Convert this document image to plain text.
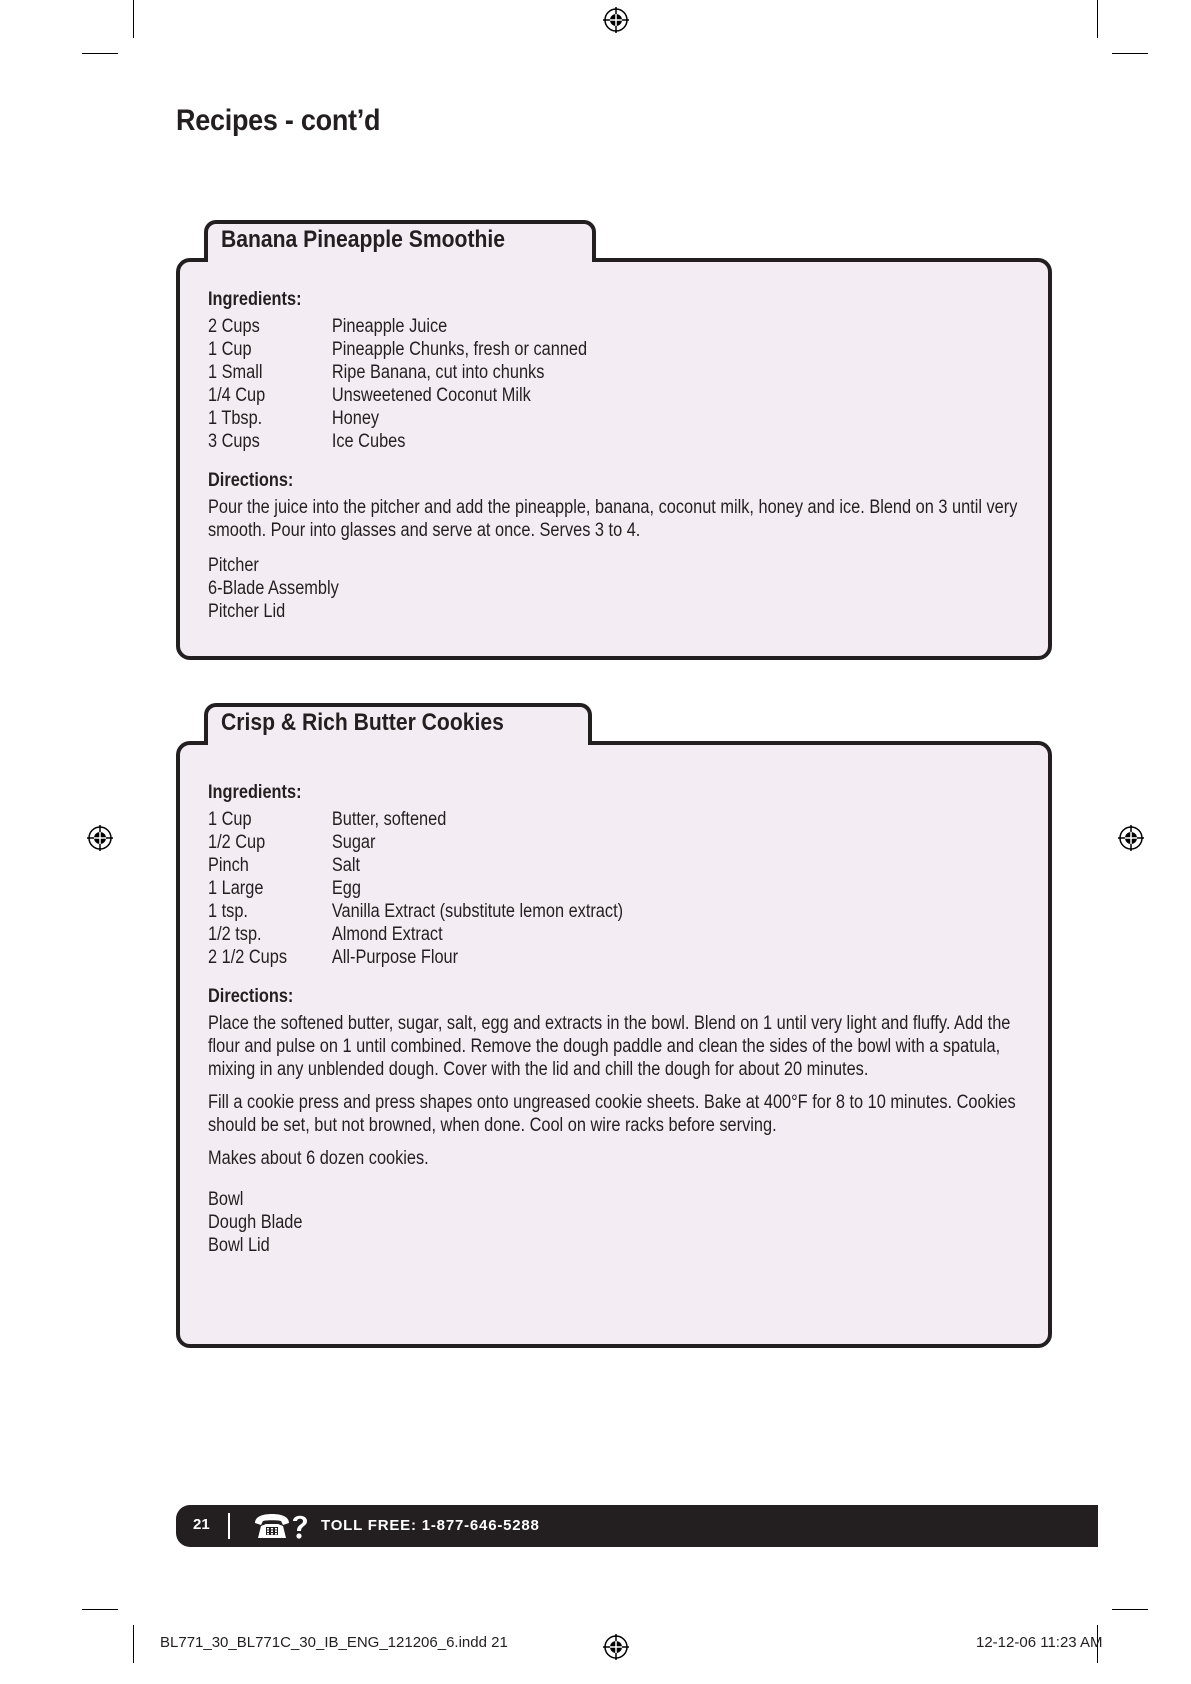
Recipes - cont’d
Ingredients:
2 Cups	Pineapple Juice
1 Cup	Pineapple Chunks, fresh or canned
1 Small	Ripe Banana, cut into chunks
1/4 Cup	Unsweetened Coconut Milk
1 Tbsp.	Honey
3 Cups	Ice Cubes
Directions:

Pour the juice into the pitcher and add the pineapple, banana, coconut milk, honey and ice. Blend on 3 until very smooth. Pour into glasses and serve at once. Serves 3 to 4.

Pitcher
6-Blade Assembly
Pitcher Lid
Banana Pineapple Smoothie
Ingredients:
1 Cup	Butter, softened
1/2 Cup	Sugar
Pinch	Salt
1 Large	Egg
1 tsp.	Vanilla Extract (substitute lemon extract)
1/2 tsp.	Almond Extract
2 1/2 Cups	All-Purpose Flour
Directions:

Place the softened butter, sugar, salt, egg and extracts in the bowl. Blend on 1 until very light and fluffy. Add the flour and pulse on 1 until combined. Remove the dough paddle and clean the sides of the bowl with a spatula, mixing in any unblended dough. Cover with the lid and chill the dough for about 20 minutes.

Fill a cookie press and press shapes onto ungreased cookie sheets. Bake at 400°F for 8 to 10 minutes. Cookies should be set, but not browned, when done. Cool on wire racks before serving.

Makes about 6 dozen cookies.

Bowl
Dough Blade
Bowl Lid
Crisp & Rich Butter Cookies
21	TOLL FREE: 1-877-646-5288
BL771_30_BL771C_30_IB_ENG_121206_6.indd 21	12-12-06 11:23 AM
